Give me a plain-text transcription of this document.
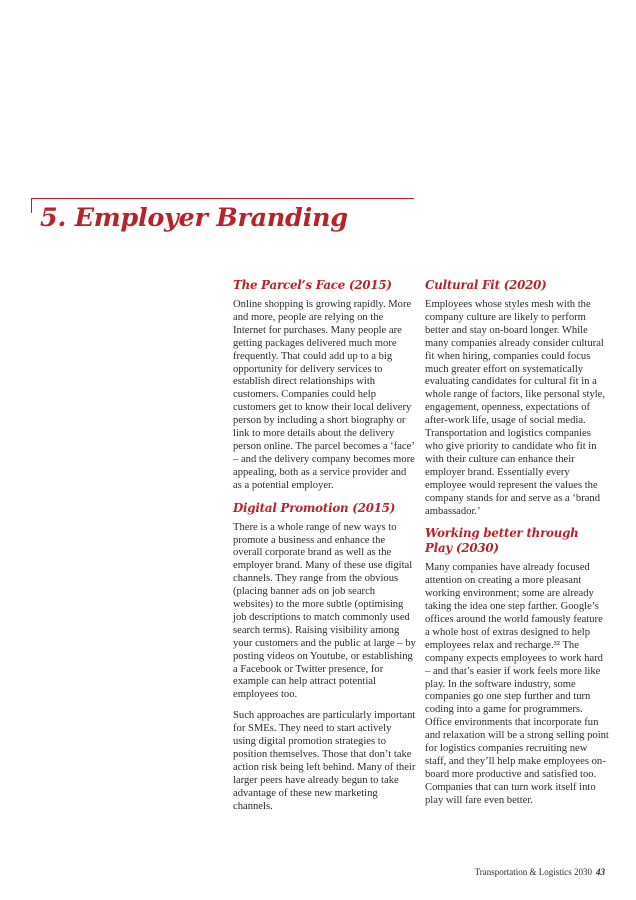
5. Employer Branding
The Parcel’s Face (2015)

Online shopping is growing rapidly. More and more, people are relying on the Internet for purchases. Many people are getting packages delivered much more frequently. That could add up to a big opportunity for delivery services to establish direct relationships with customers. Companies could help customers get to know their local delivery person by including a short biography or link to more details about the delivery person online. The parcel becomes a ‘face’ – and the delivery company becomes more appealing, both as a service provider and as a potential employer.

Digital Promotion (2015)

There is a whole range of new ways to promote a business and enhance the overall corporate brand as well as the employer brand. Many of these use digital channels. They range from the obvious (placing banner ads on job search websites) to the more subtle (optimising job descriptions to match commonly used search terms). Raising visibility among your customers and the public at large – by posting videos on Youtube, or establishing a Facebook or Twitter presence, for example can help attract potential employees too.

Such approaches are particularly important for SMEs. They need to start actively using digital promotion strategies to position themselves. Those that don’t take action risk being left behind. Many of their larger peers have already begun to take advantage of these new marketing channels.

Cultural Fit (2020)

Employees whose styles mesh with the company culture are likely to perform better and stay on-board longer. While many companies already consider cultural fit when hiring, companies could focus much greater effort on systematically evaluating candidates for cultural fit in a whole range of factors, like personal style, engagement, openness, expectations of after-work life, usage of social media. Transportation and logistics companies who give priority to candidate who fit in with their culture can enhance their employer brand. Essentially every employee would represent the values the company stands for and serve as a ‘brand ambassador.’

Working better through Play (2030)

Many companies have already focused attention on creating a more pleasant working environment; some are already taking the idea one step farther. Google’s offices around the world famously feature a whole host of extras designed to help employees relax and recharge.³² The company expects employees to work hard – and that’s easier if work feels more like play. In the software industry, some companies go one step further and turn coding into a game for programmers. Office environments that incorporate fun and relaxation will be a strong selling point for logistics companies recruiting new staff, and they’ll help make employees on-board more productive and satisfied too. Companies that can turn work itself into play will fare even better.

Transportation & Logistics 2030 43
